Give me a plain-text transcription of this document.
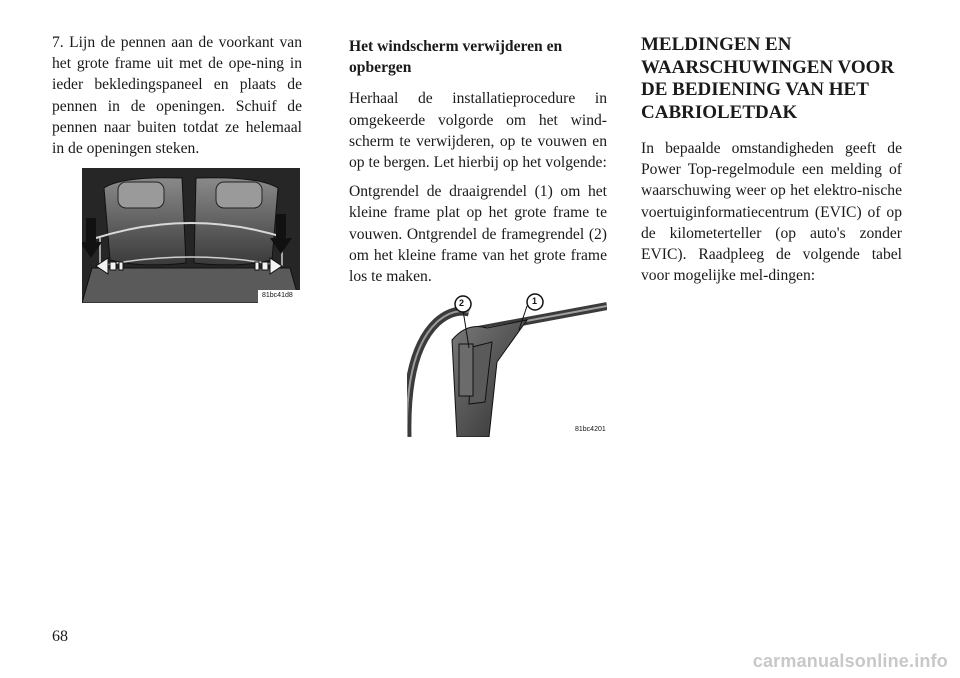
7. Lijn de pennen aan de voorkant van het grote frame uit met de ope-ning in ieder bekledingspaneel en plaats de pennen in de openingen. Schuif de pennen naar buiten totdat ze helemaal in de openingen steken.

81bc41d8

Het windscherm verwijderen en opbergen

Herhaal de installatieprocedure in omgekeerde volgorde om het wind-scherm te verwijderen, op te vouwen en op te bergen. Let hierbij op het volgende:

Ontgrendel de draaigrendel (1) om het kleine frame plat op het grote frame te vouwen. Ontgrendel de framegrendel (2) om het kleine frame van het grote frame los te maken.

2	1
81bc4201
MELDINGEN EN WAARSCHUWINGEN VOOR DE BEDIENING VAN HET CABRIOLETDAK

In bepaalde omstandigheden geeft de Power Top-regelmodule een melding of waarschuwing weer op het elektro-nische voertuiginformatiecentrum (EVIC) of op de kilometerteller (op auto's zonder EVIC). Raadpleeg de volgende tabel voor mogelijke mel-dingen:

68
carmanualsonline.info
